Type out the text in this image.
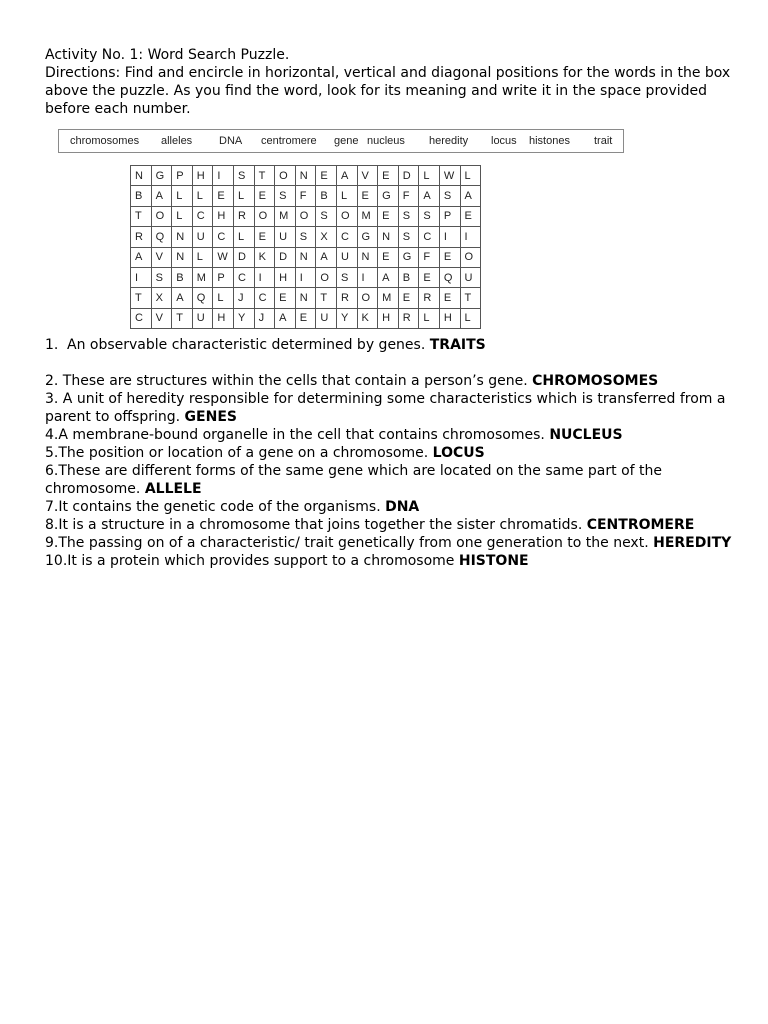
Activity No. 1: Word Search Puzzle.

Directions: Find and encircle in horizontal, vertical and diagonal positions for the words in the box above the puzzle. As you find the word, look for its meaning and write it in the space provided before each number.

chromosomes alleles DNA centromere gene nucleus heredity locus histones trait
N	G	P	H	I	S	T	O	N	E	A	V	E	D	L	W	L
B	A	L	L	E	L	E	S	F	B	L	E	G	F	A	S	A
T	O	L	C	H	R	O	M	O	S	O	M	E	S	S	P	E
R	Q	N	U	C	L	E	U	S	X	C	G	N	S	C	I	I
A	V	N	L	W	D	K	D	N	A	U	N	E	G	F	E	O
I	S	B	M	P	C	I	H	I	O	S	I	A	B	E	Q	U
T	X	A	Q	L	J	C	E	N	T	R	O	M	E	R	E	T
C	V	T	U	H	Y	J	A	E	U	Y	K	H	R	L	H	L

1. An observable characteristic determined by genes. TRAITS

2. These are structures within the cells that contain a person’s gene. CHROMOSOMES

3. A unit of heredity responsible for determining some characteristics which is transferred from a parent to offspring. GENES

4.A membrane-bound organelle in the cell that contains chromosomes. NUCLEUS

5.The position or location of a gene on a chromosome. LOCUS

6.These are different forms of the same gene which are located on the same part of the chromosome. ALLELE

7.It contains the genetic code of the organisms. DNA

8.It is a structure in a chromosome that joins together the sister chromatids. CENTROMERE

9.The passing on of a characteristic/ trait genetically from one generation to the next. HEREDITY

10.It is a protein which provides support to a chromosome HISTONE
